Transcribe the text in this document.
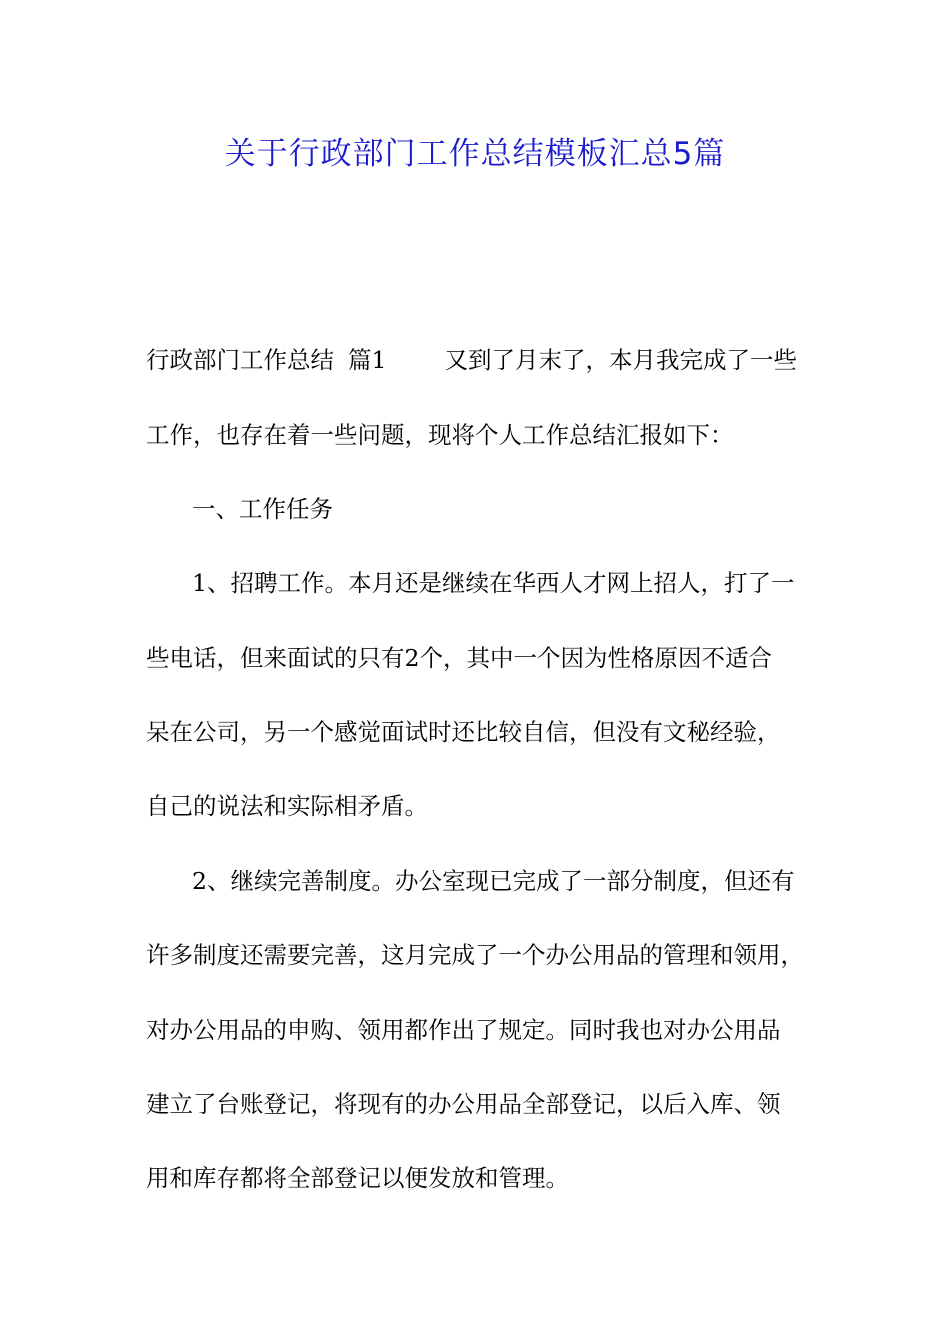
关于行政部门工作总结模板汇总5篇
行政部门工作总结 篇1 又到了月末了，本月我完成了一些
工作，也存在着一些问题，现将个人工作总结汇报如下：
一、工作任务
1、招聘工作。本月还是继续在华西人才网上招人，打了一
些电话，但来面试的只有2个，其中一个因为性格原因不适合
呆在公司，另一个感觉面试时还比较自信，但没有文秘经验，
自己的说法和实际相矛盾。
2、继续完善制度。办公室现已完成了一部分制度，但还有
许多制度还需要完善，这月完成了一个办公用品的管理和领用，
对办公用品的申购、领用都作出了规定。同时我也对办公用品
建立了台账登记，将现有的办公用品全部登记，以后入库、领
用和库存都将全部登记以便发放和管理。
